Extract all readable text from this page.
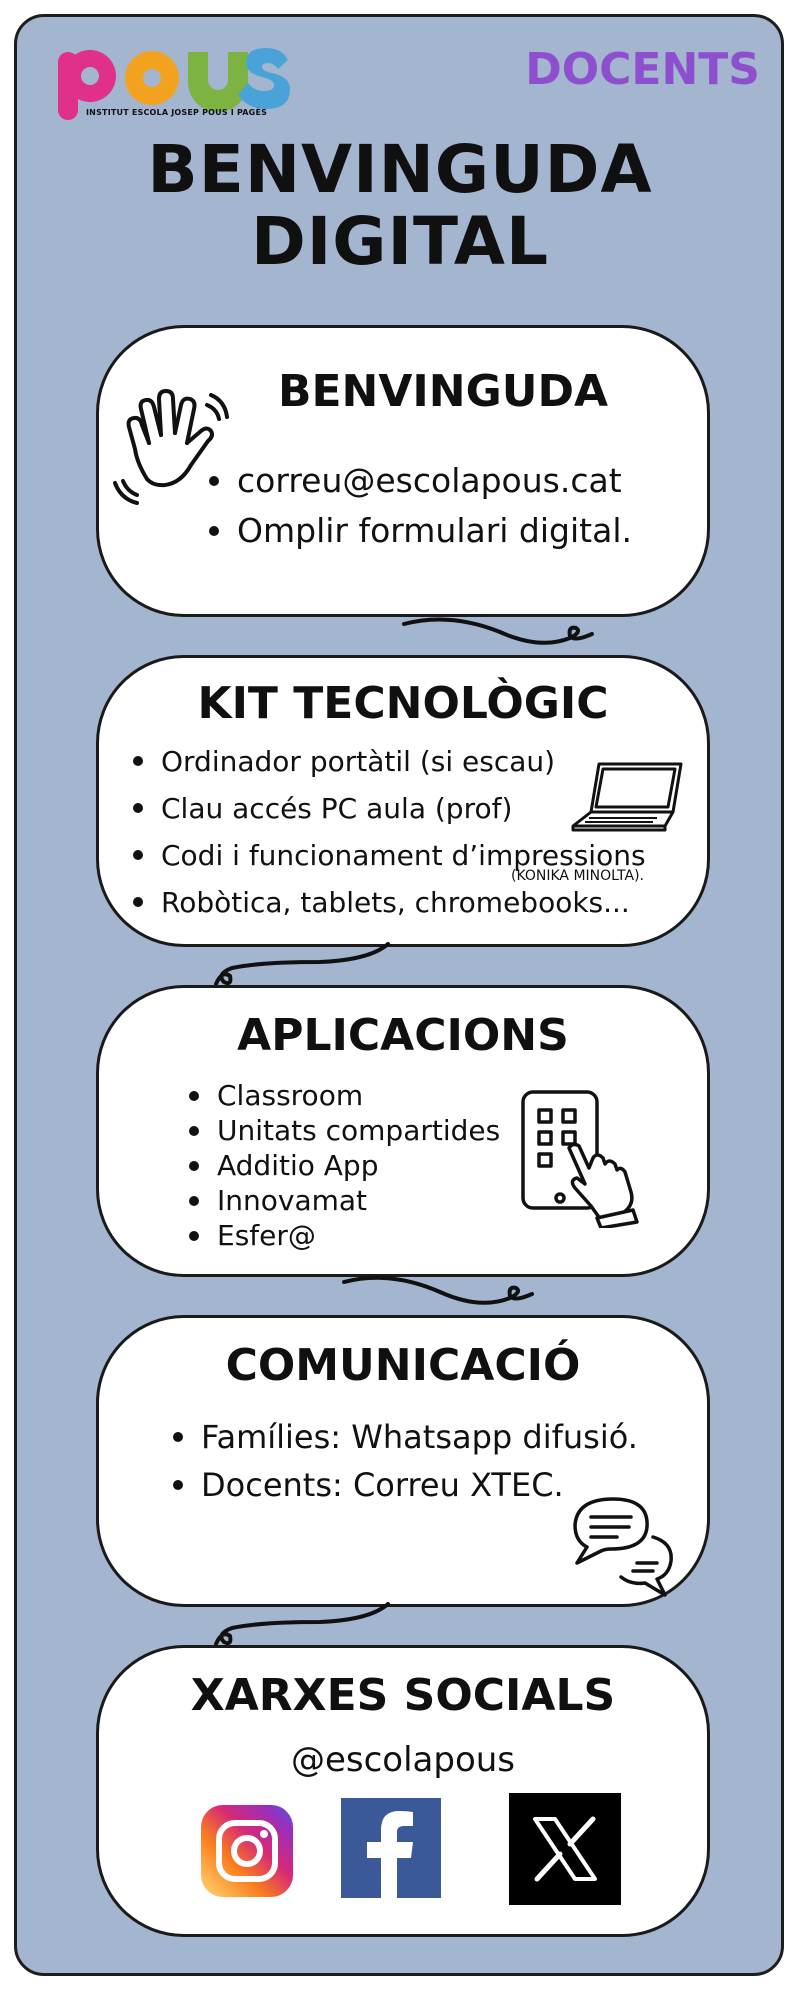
INSTITUT ESCOLA JOSEP POUS I PAGÈS
DOCENTS
BENVINGUDA
DIGITAL
BENVINGUDA
correu@escolapous.cat
Omplir formulari digital.
KIT TECNOLÒGIC
Ordinador portàtil (si escau)
Clau accés PC aula (prof)
Codi i funcionament d’impressions
Robòtica, tablets, chromebooks...
(KONIKA MINOLTA).
APLICACIONS
Classroom
Unitats compartides
Additio App
Innovamat
Esfer@
COMUNICACIÓ
Famílies: Whatsapp difusió.
Docents: Correu XTEC.
XARXES SOCIALS
@escolapous
